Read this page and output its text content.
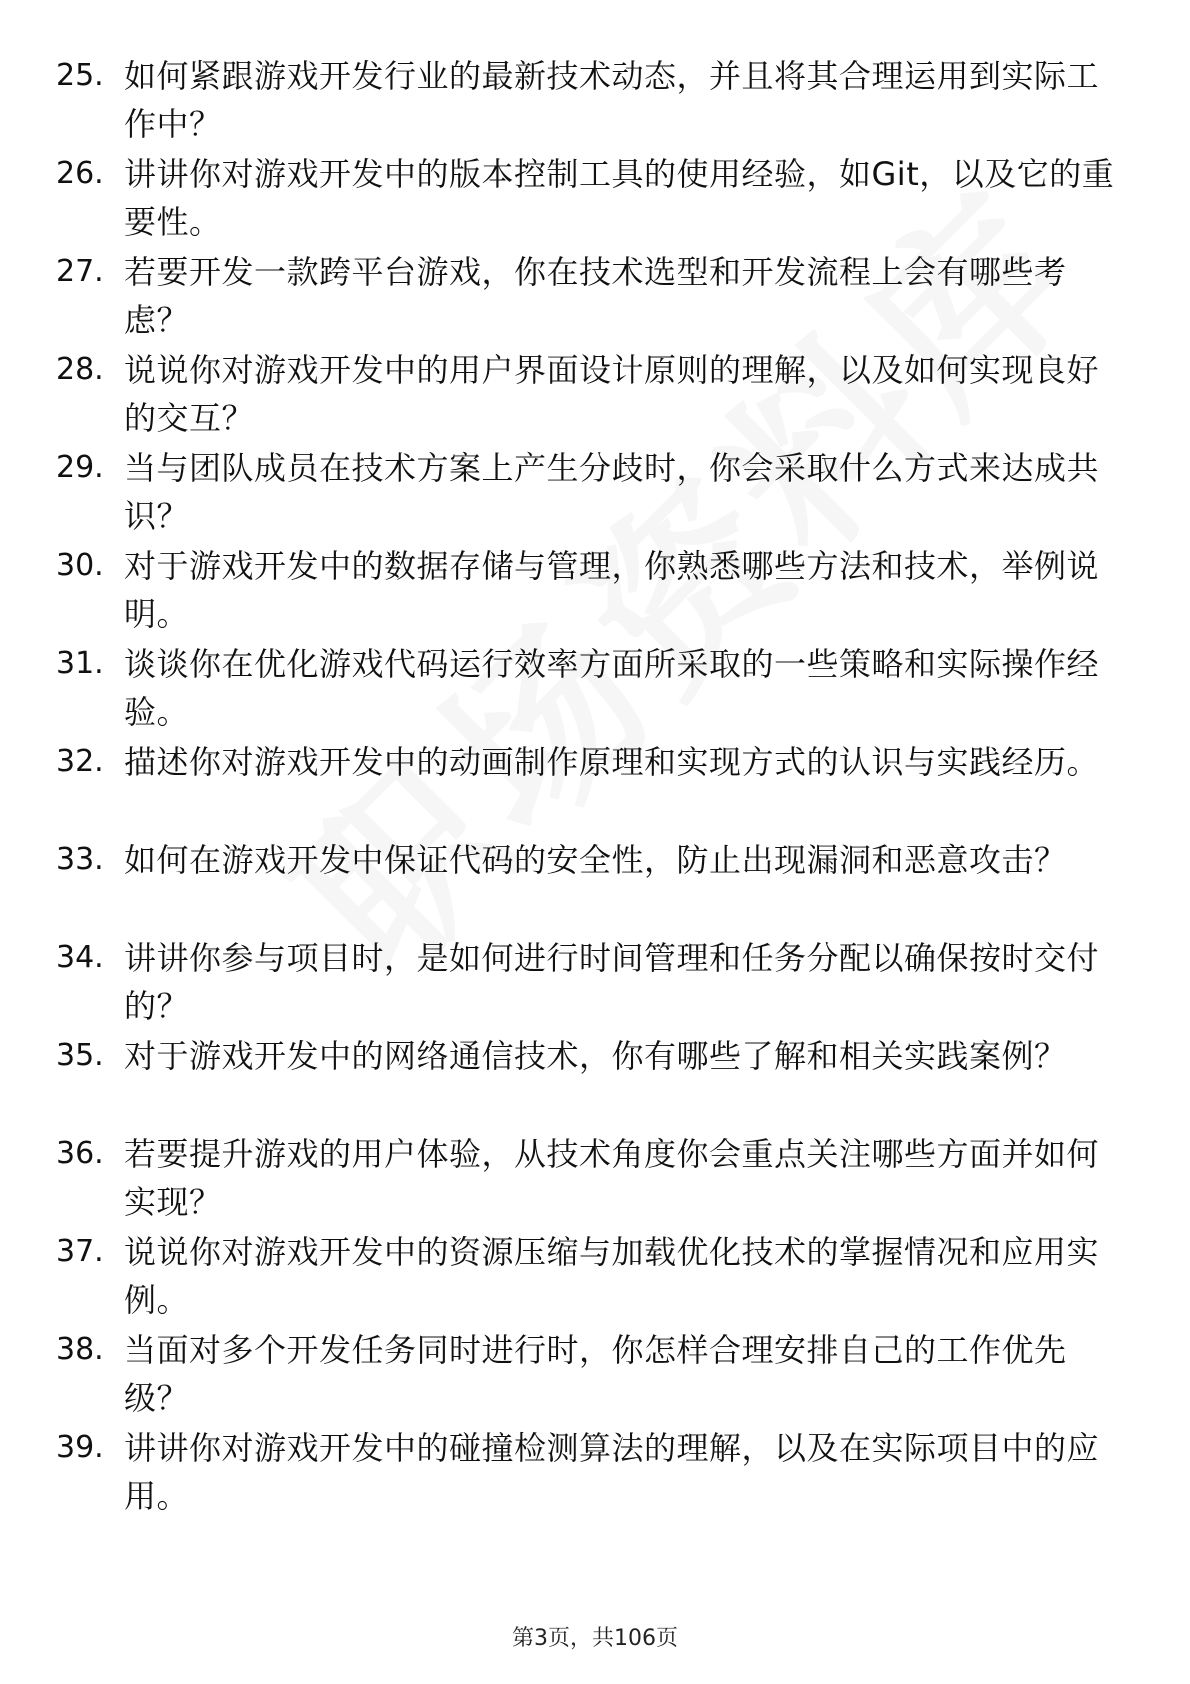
25. 如何紧跟游戏开发行业的最新技术动态，并且将其合理运用到实际工作中？
26. 讲讲你对游戏开发中的版本控制工具的使用经验，如Git，以及它的重要性。
27. 若要开发一款跨平台游戏，你在技术选型和开发流程上会有哪些考虑？
28. 说说你对游戏开发中的用户界面设计原则的理解，以及如何实现良好的交互？
29. 当与团队成员在技术方案上产生分歧时，你会采取什么方式来达成共识？
30. 对于游戏开发中的数据存储与管理，你熟悉哪些方法和技术，举例说明。
31. 谈谈你在优化游戏代码运行效率方面所采取的一些策略和实际操作经验。
32. 描述你对游戏开发中的动画制作原理和实现方式的认识与实践经历。
33. 如何在游戏开发中保证代码的安全性，防止出现漏洞和恶意攻击？
34. 讲讲你参与项目时，是如何进行时间管理和任务分配以确保按时交付的？
35. 对于游戏开发中的网络通信技术，你有哪些了解和相关实践案例？
36. 若要提升游戏的用户体验，从技术角度你会重点关注哪些方面并如何实现？
37. 说说你对游戏开发中的资源压缩与加载优化技术的掌握情况和应用实例。
38. 当面对多个开发任务同时进行时，你怎样合理安排自己的工作优先级？
39. 讲讲你对游戏开发中的碰撞检测算法的理解，以及在实际项目中的应用。
第3页，共106页
